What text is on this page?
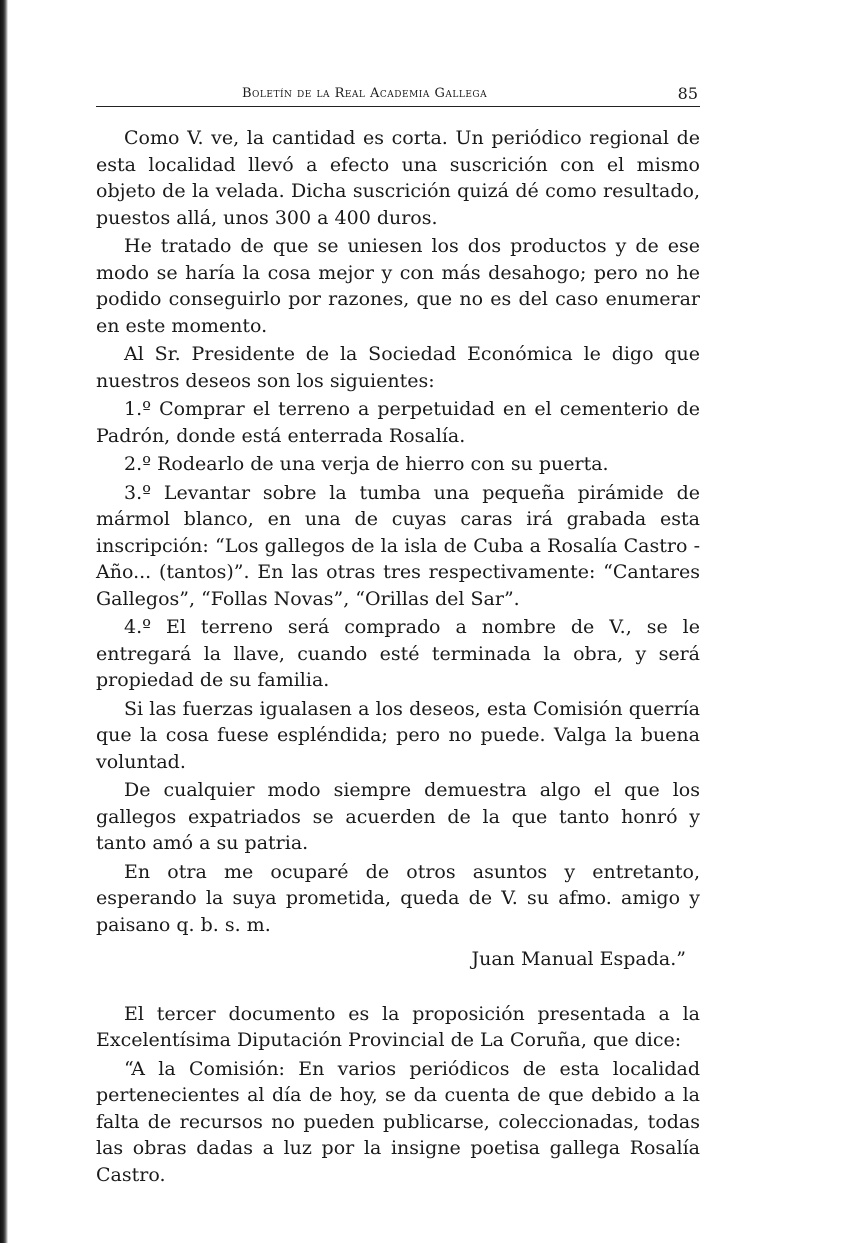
Boletín de la Real Academia Gallega	85

Como V. ve, la cantidad es corta. Un periódico regional de esta localidad llevó a efecto una suscrición con el mismo objeto de la velada. Dicha suscrición quizá dé como resultado, puestos allá, unos 300 a 400 duros.

He tratado de que se uniesen los dos productos y de ese modo se haría la cosa mejor y con más desahogo; pero no he podido conseguirlo por razones, que no es del caso enumerar en este momento.

Al Sr. Presidente de la Sociedad Económica le digo que nuestros deseos son los siguientes:

1.º Comprar el terreno a perpetuidad en el cementerio de Padrón, donde está enterrada Rosalía.

2.º Rodearlo de una verja de hierro con su puerta.

3.º Levantar sobre la tumba una pequeña pirámide de mármol blanco, en una de cuyas caras irá grabada esta inscripción: “Los gallegos de la isla de Cuba a Rosalía Castro - Año... (tantos)”. En las otras tres respectivamente: “Cantares Gallegos”, “Follas Novas”, “Orillas del Sar”.

4.º El terreno será comprado a nombre de V., se le entregará la llave, cuando esté terminada la obra, y será propiedad de su familia.

Si las fuerzas igualasen a los deseos, esta Comisión querría que la cosa fuese espléndida; pero no puede. Valga la buena voluntad.

De cualquier modo siempre demuestra algo el que los gallegos expatriados se acuerden de la que tanto honró y tanto amó a su patria.

En otra me ocuparé de otros asuntos y entretanto, esperando la suya prometida, queda de V. su afmo. amigo y paisano q. b. s. m.

Juan Manual Espada.”

El tercer documento es la proposición presentada a la Excelentísima Diputación Provincial de La Coruña, que dice:

“A la Comisión: En varios periódicos de esta localidad pertenecientes al día de hoy, se da cuenta de que debido a la falta de recursos no pueden publicarse, coleccionadas, todas las obras dadas a luz por la insigne poetisa gallega Rosalía Castro.
